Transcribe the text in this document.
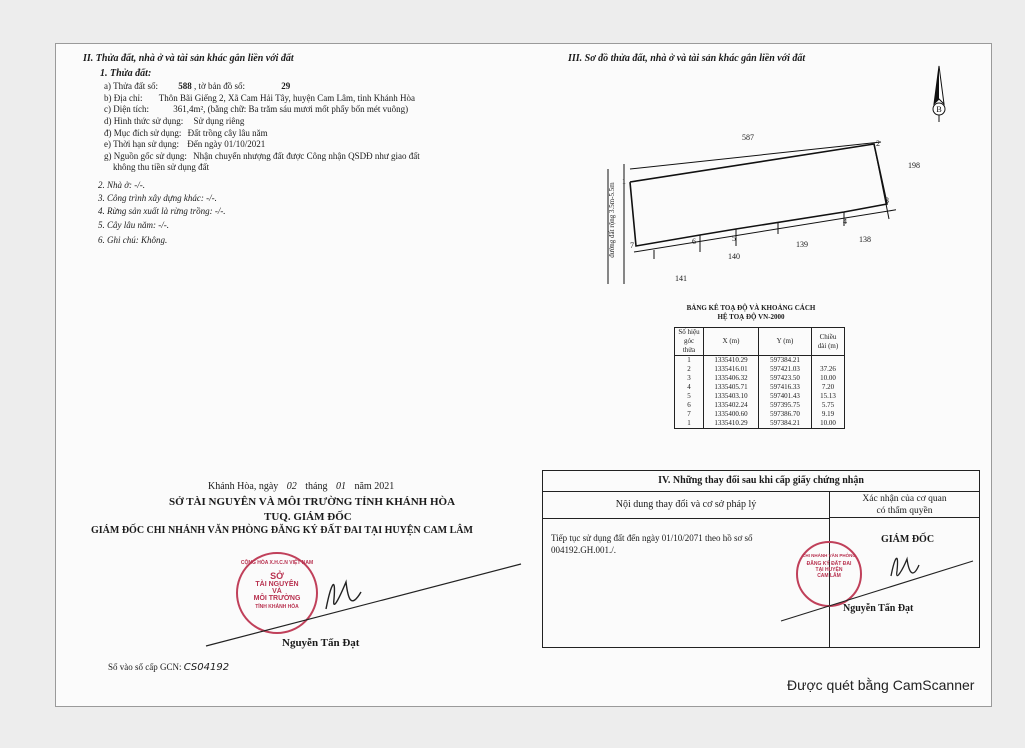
II. Thửa đất, nhà ở và tài sản khác gắn liền với đất
1. Thửa đất:
a) Thửa đất số: 588 , tờ bản đồ số:	29
b) Địa chỉ: Thôn Bãi Giếng 2, Xã Cam Hải Tây, huyện Cam Lâm, tỉnh Khánh Hòa
c) Diện tích:	361,4m², (bằng chữ: Ba trăm sáu mươi mốt phẩy bốn mét vuông)
d) Hình thức sử dụng: Sử dụng riêng
đ) Mục đích sử dụng: Đất trồng cây lâu năm
e) Thời hạn sử dụng: Đến ngày 01/10/2021
g) Nguồn gốc sử dụng: Nhận chuyển nhượng đất được Công nhận QSDĐ như giao đất
không thu tiền sử dụng đất
2. Nhà ở: -/-.
3. Công trình xây dựng khác: -/-.
4. Rừng sản xuất là rừng trồng: -/-.
5. Cây lâu năm: -/-.
6. Ghi chú: Không.
III. Sơ đồ thửa đất, nhà ở và tài sản khác gắn liền với đất
B
1
2
3
4
5
6
7
587
198
139
138
140
141
đường đất rộng 3.5m-5.5m
BẢNG KÊ TOẠ ĐỘ VÀ KHOẢNG CÁCH
HỆ TOẠ ĐỘ VN-2000
Số hiệu góc thửa	X (m)	Y (m)	Chiều dài (m)
1	1335410.29	597384.21	
2	1335416.01	597421.03	37.26
3	1335406.32	597423.50	10.00
4	1335405.71	597416.33	7.20
5	1335403.10	597401.43	15.13
6	1335402.24	597395.75	5.75
7	1335400.60	597386.70	9.19
1	1335410.29	597384.21	10.00
Khánh Hòa, ngày 02 tháng 01 năm 2021
SỞ TÀI NGUYÊN VÀ MÔI TRƯỜNG TỈNH KHÁNH HÒA
TUQ. GIÁM ĐỐC
GIÁM ĐỐC CHI NHÁNH VĂN PHÒNG ĐĂNG KÝ ĐẤT ĐAI TẠI HUYỆN CAM LÂM
CỘNG HÒA X.H.C.N VIỆT NAM
SỞ
TÀI NGUYÊN
VÀ
MÔI TRƯỜNG
TỈNH KHÁNH HÒA
Nguyễn Tấn Đạt
Số vào sổ cấp GCN: CS04192
IV. Những thay đổi sau khi cấp giấy chứng nhận
Nội dung thay đổi và cơ sở pháp lý	Xác nhận của cơ quan
có thẩm quyền
Tiếp tục sử dụng đất đến ngày 01/10/2071 theo hồ sơ số
004192.GH.001./.
GIÁM ĐỐC
CHI NHÁNH VĂN PHÒNG
ĐĂNG KÝ ĐẤT ĐAI
TẠI HUYỆN
CAM LÂM
Nguyễn Tấn Đạt
Được quét bằng CamScanner
